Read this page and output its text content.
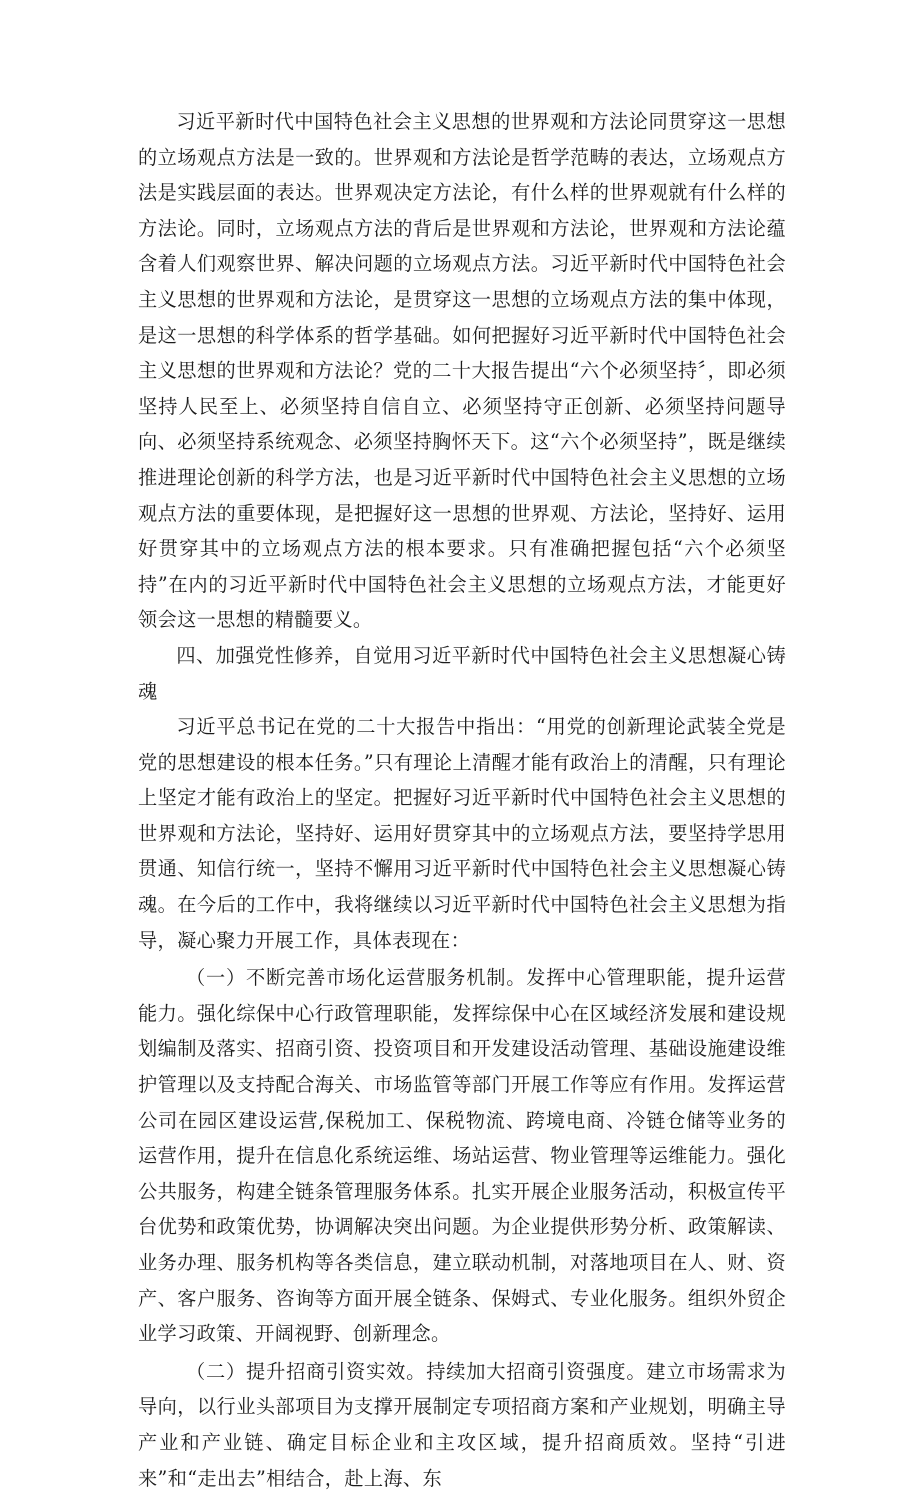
习近平新时代中国特色社会主义思想的世界观和方法论同贯穿这一思想的立场观点方法是一致的。世界观和方法论是哲学范畴的表达，立场观点方法是实践层面的表达。世界观决定方法论，有什么样的世界观就有什么样的方法论。同时，立场观点方法的背后是世界观和方法论，世界观和方法论蕴含着人们观察世界、解决问题的立场观点方法。习近平新时代中国特色社会主义思想的世界观和方法论，是贯穿这一思想的立场观点方法的集中体现，是这一思想的科学体系的哲学基础。如何把握好习近平新时代中国特色社会主义思想的世界观和方法论？党的二十大报告提出“六个必须坚持〞，即必须坚持人民至上、必须坚持自信自立、必须坚持守正创新、必须坚持问题导向、必须坚持系统观念、必须坚持胸怀天下。这“六个必须坚持”，既是继续推进理论创新的科学方法，也是习近平新时代中国特色社会主义思想的立场观点方法的重要体现，是把握好这一思想的世界观、方法论，坚持好、运用好贯穿其中的立场观点方法的根本要求。只有准确把握包括“六个必须坚持”在内的习近平新时代中国特色社会主义思想的立场观点方法，才能更好领会这一思想的精髓要义。

四、加强党性修养，自觉用习近平新时代中国特色社会主义思想凝心铸魂

习近平总书记在党的二十大报告中指出：“用党的创新理论武装全党是党的思想建设的根本任务。”只有理论上清醒才能有政治上的清醒，只有理论上坚定才能有政治上的坚定。把握好习近平新时代中国特色社会主义思想的世界观和方法论，坚持好、运用好贯穿其中的立场观点方法，要坚持学思用贯通、知信行统一，坚持不懈用习近平新时代中国特色社会主义思想凝心铸魂。在今后的工作中，我将继续以习近平新时代中国特色社会主义思想为指导，凝心聚力开展工作，具体表现在：

（一）不断完善市场化运营服务机制。发挥中心管理职能，提升运营能力。强化综保中心行政管理职能，发挥综保中心在区域经济发展和建设规划编制及落实、招商引资、投资项目和开发建设活动管理、基础设施建设维护管理以及支持配合海关、市场监管等部门开展工作等应有作用。发挥运营公司在园区建设运营,保税加工、保税物流、跨境电商、冷链仓储等业务的运营作用，提升在信息化系统运维、场站运营、物业管理等运维能力。强化公共服务，构建全链条管理服务体系。扎实开展企业服务活动，积极宣传平台优势和政策优势，协调解决突出问题。为企业提供形势分析、政策解读、业务办理、服务机构等各类信息，建立联动机制，对落地项目在人、财、资产、客户服务、咨询等方面开展全链条、保姆式、专业化服务。组织外贸企业学习政策、开阔视野、创新理念。

（二）提升招商引资实效。持续加大招商引资强度。建立市场需求为导向，以行业头部项目为支撑开展制定专项招商方案和产业规划，明确主导产业和产业链、确定目标企业和主攻区域，提升招商质效。坚持“引进来”和“走出去”相结合，赴上海、东
